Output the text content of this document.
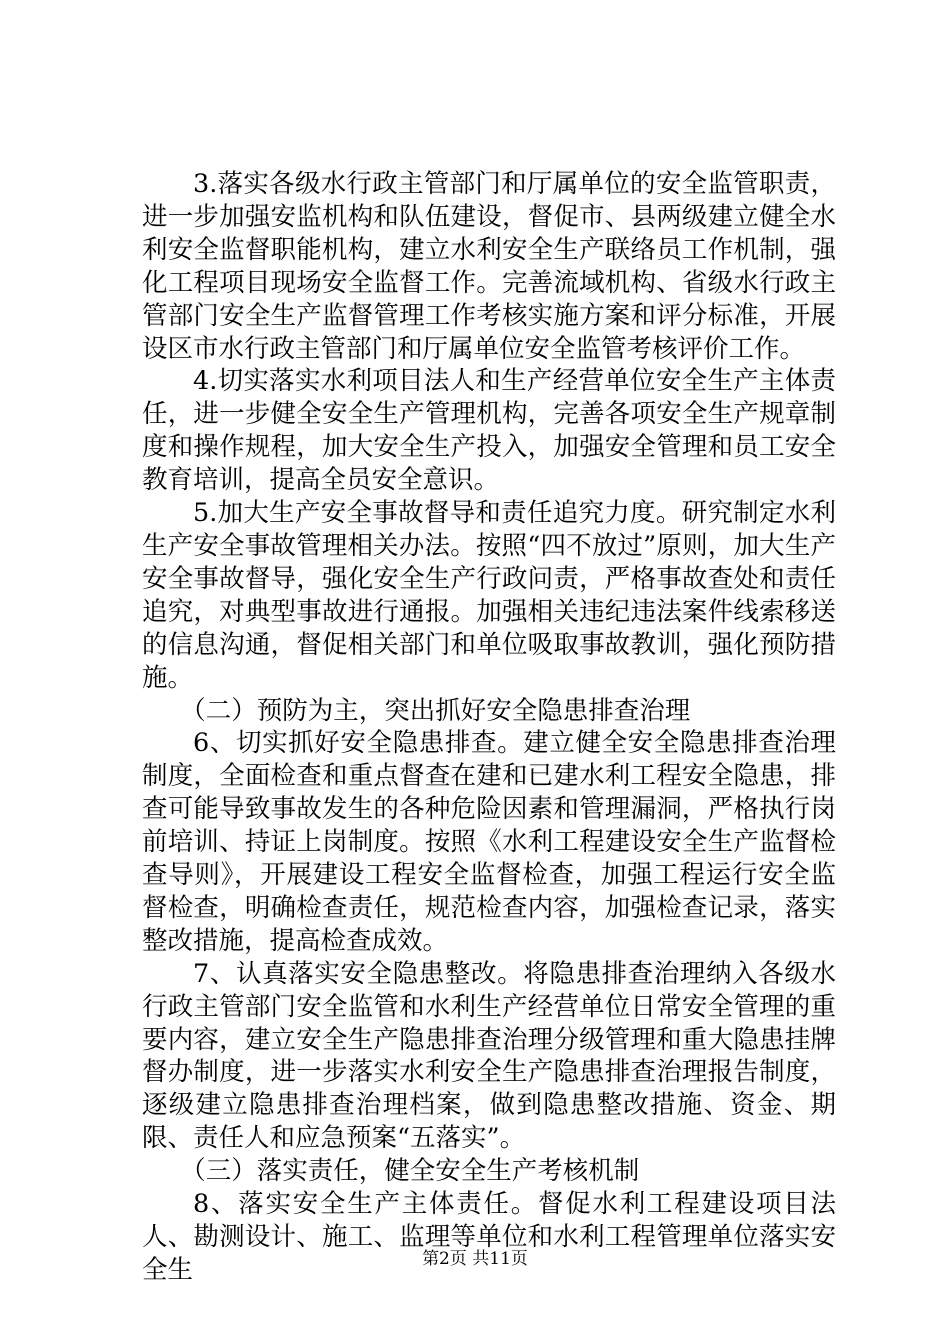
3.落实各级水行政主管部门和厅属单位的安全监管职责，进一步加强安监机构和队伍建设，督促市、县两级建立健全水利安全监督职能机构，建立水利安全生产联络员工作机制，强化工程项目现场安全监督工作。完善流域机构、省级水行政主管部门安全生产监督管理工作考核实施方案和评分标准，开展设区市水行政主管部门和厅属单位安全监管考核评价工作。

4.切实落实水利项目法人和生产经营单位安全生产主体责任，进一步健全安全生产管理机构，完善各项安全生产规章制度和操作规程，加大安全生产投入，加强安全管理和员工安全教育培训，提高全员安全意识。

5.加大生产安全事故督导和责任追究力度。研究制定水利生产安全事故管理相关办法。按照“四不放过”原则，加大生产安全事故督导，强化安全生产行政问责，严格事故查处和责任追究，对典型事故进行通报。加强相关违纪违法案件线索移送的信息沟通，督促相关部门和单位吸取事故教训，强化预防措施。

（二）预防为主，突出抓好安全隐患排查治理

6、切实抓好安全隐患排查。建立健全安全隐患排查治理制度，全面检查和重点督查在建和已建水利工程安全隐患，排查可能导致事故发生的各种危险因素和管理漏洞，严格执行岗前培训、持证上岗制度。按照《水利工程建设安全生产监督检查导则》，开展建设工程安全监督检查，加强工程运行安全监督检查，明确检查责任，规范检查内容，加强检查记录，落实整改措施，提高检查成效。

7、认真落实安全隐患整改。将隐患排查治理纳入各级水行政主管部门安全监管和水利生产经营单位日常安全管理的重要内容，建立安全生产隐患排查治理分级管理和重大隐患挂牌督办制度，进一步落实水利安全生产隐患排查治理报告制度，逐级建立隐患排查治理档案，做到隐患整改措施、资金、期限、责任人和应急预案“五落实”。

（三）落实责任，健全安全生产考核机制

8、落实安全生产主体责任。督促水利工程建设项目法人、勘测设计、施工、监理等单位和水利工程管理单位落实安全生	第2页 共11页
